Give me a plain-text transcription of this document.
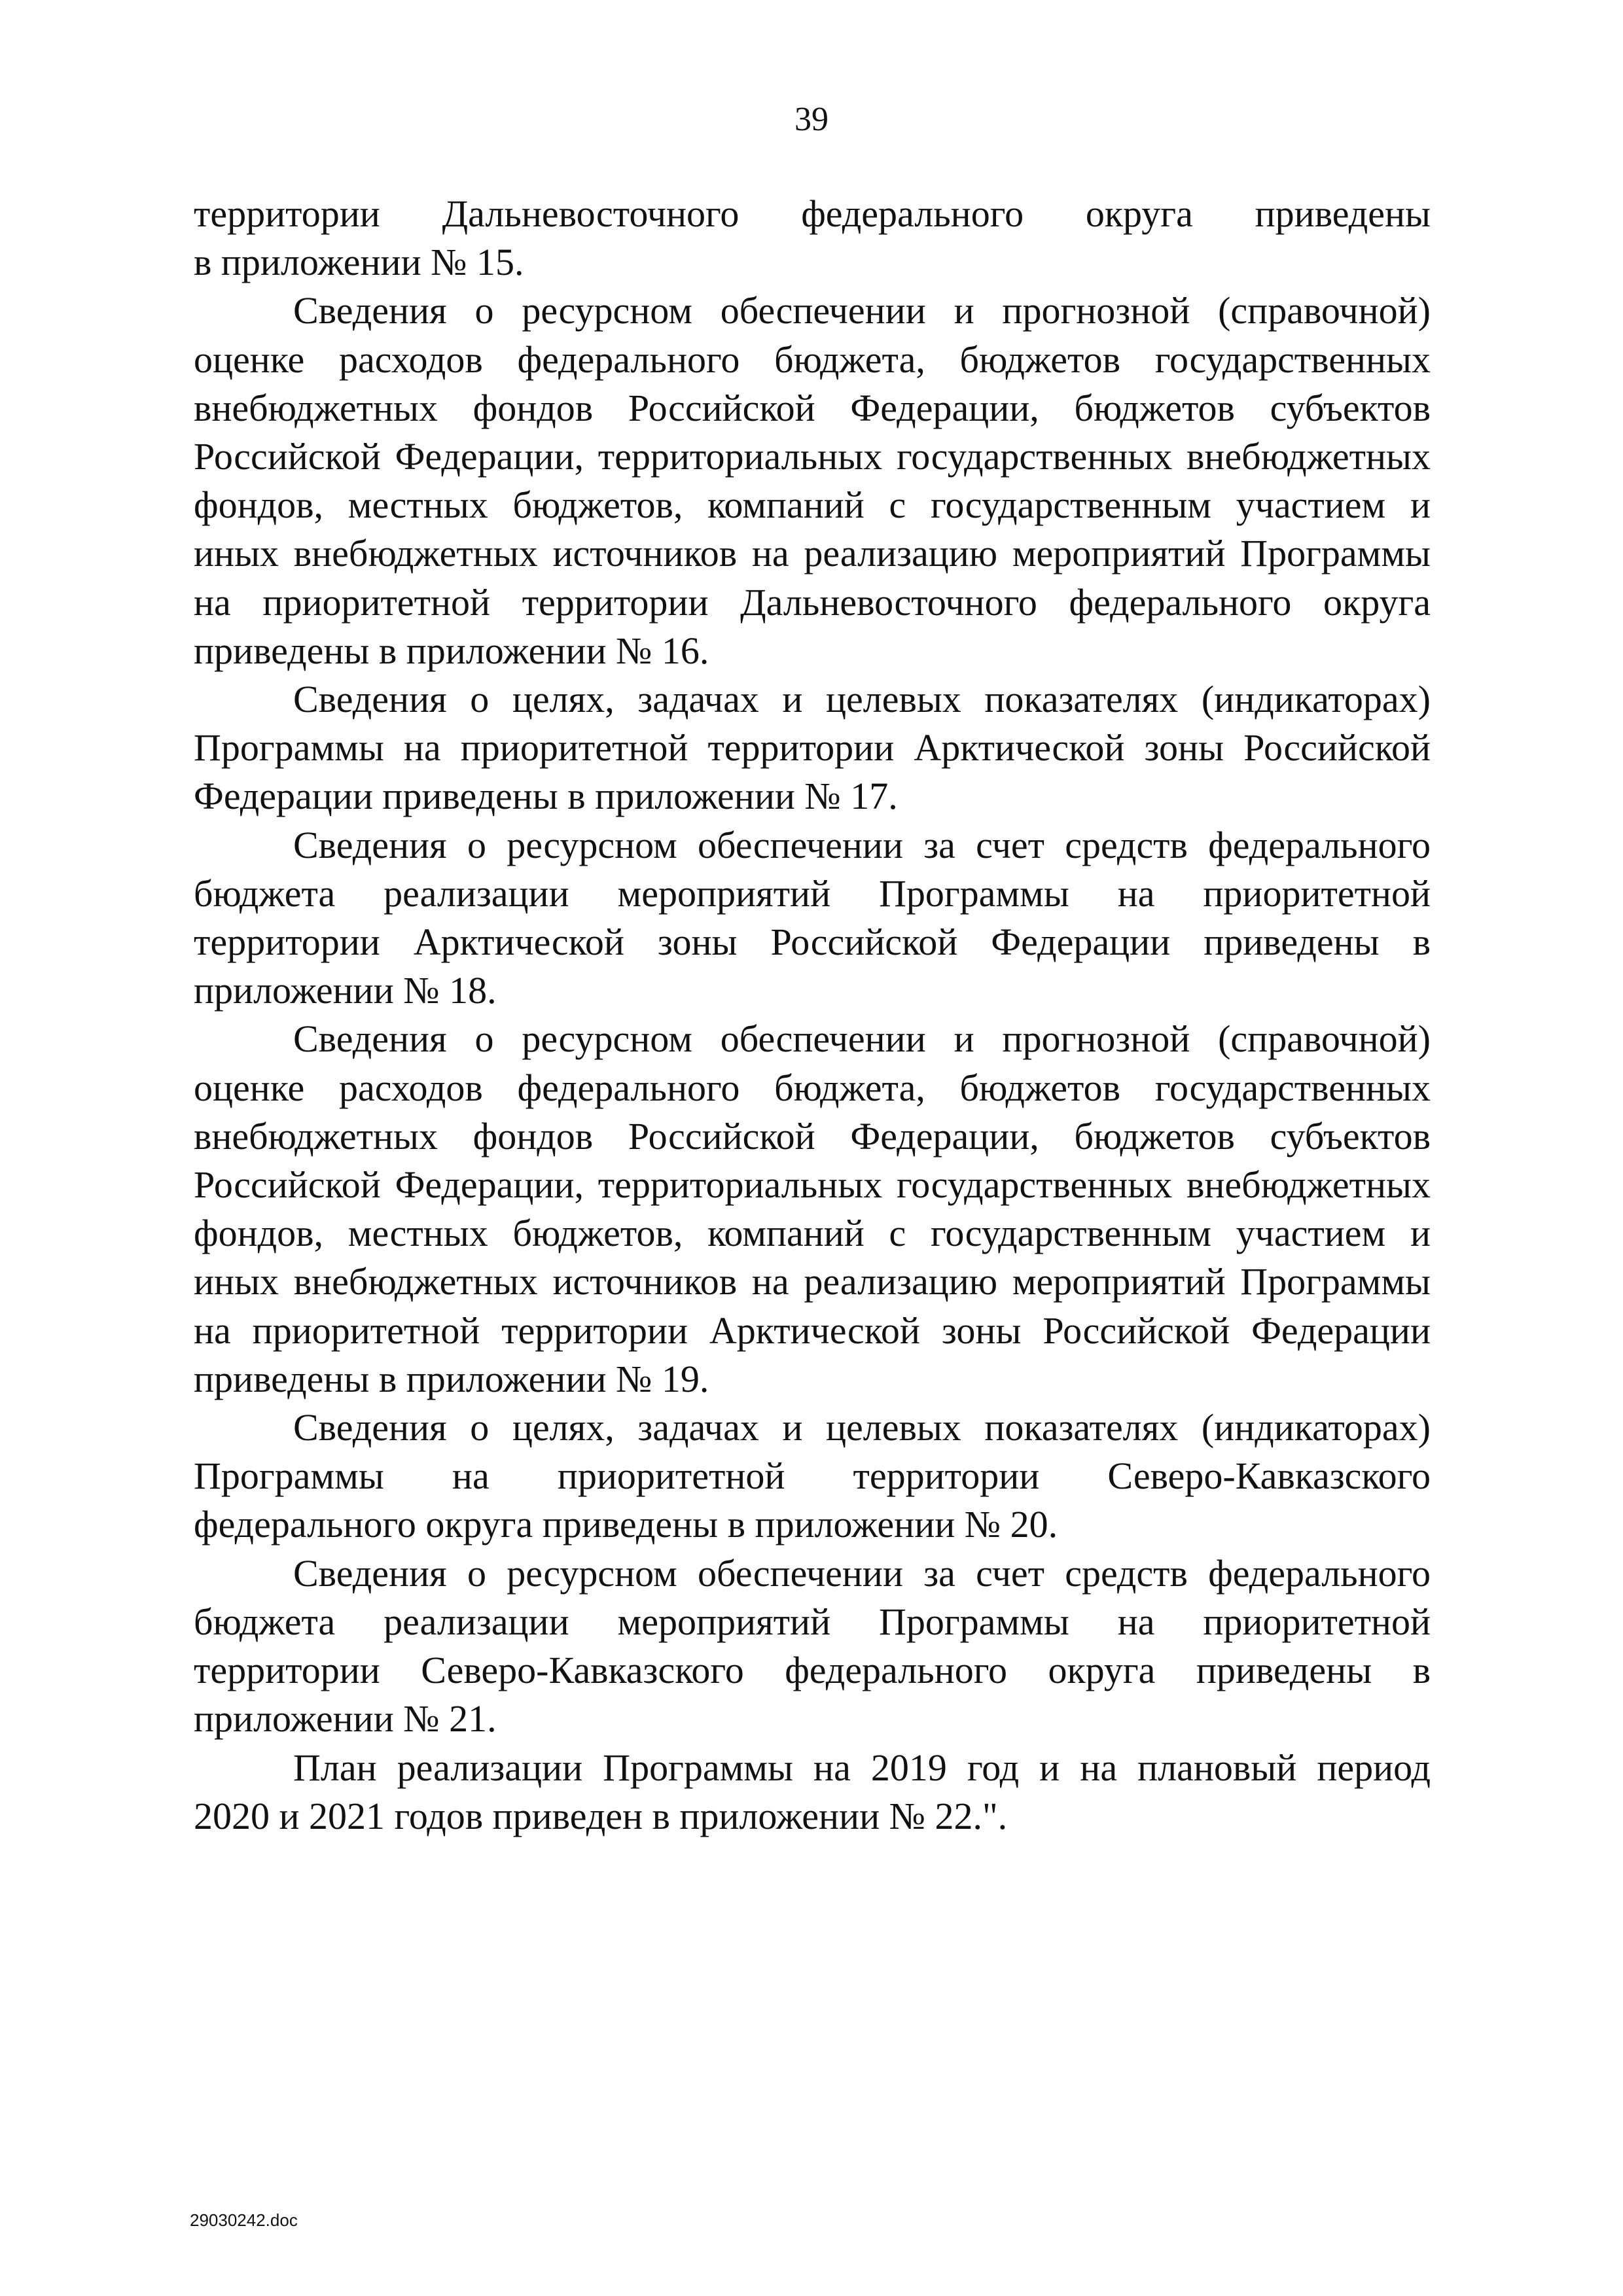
39

территории Дальневосточного федерального округа приведены
в приложении № 15.

Сведения о ресурсном обеспечении и прогнозной (справочной)
оценке расходов федерального бюджета, бюджетов государственных
внебюджетных фондов Российской Федерации, бюджетов субъектов
Российской Федерации, территориальных государственных внебюджетных
фондов, местных бюджетов, компаний с государственным участием и
иных внебюджетных источников на реализацию мероприятий Программы
на приоритетной территории Дальневосточного федерального округа
приведены в приложении № 16.

Сведения о целях, задачах и целевых показателях (индикаторах)
Программы на приоритетной территории Арктической зоны Российской
Федерации приведены в приложении № 17.

Сведения о ресурсном обеспечении за счет средств федерального
бюджета реализации мероприятий Программы на приоритетной
территории Арктической зоны Российской Федерации приведены в
приложении № 18.

Сведения о ресурсном обеспечении и прогнозной (справочной)
оценке расходов федерального бюджета, бюджетов государственных
внебюджетных фондов Российской Федерации, бюджетов субъектов
Российской Федерации, территориальных государственных внебюджетных
фондов, местных бюджетов, компаний с государственным участием и
иных внебюджетных источников на реализацию мероприятий Программы
на приоритетной территории Арктической зоны Российской Федерации
приведены в приложении № 19.

Сведения о целях, задачах и целевых показателях (индикаторах)
Программы на приоритетной территории Северо-Кавказского
федерального округа приведены в приложении № 20.

Сведения о ресурсном обеспечении за счет средств федерального
бюджета реализации мероприятий Программы на приоритетной
территории Северо-Кавказского федерального округа приведены в
приложении № 21.

План реализации Программы на 2019 год и на плановый период
2020 и 2021 годов приведен в приложении № 22.".

29030242.doc
